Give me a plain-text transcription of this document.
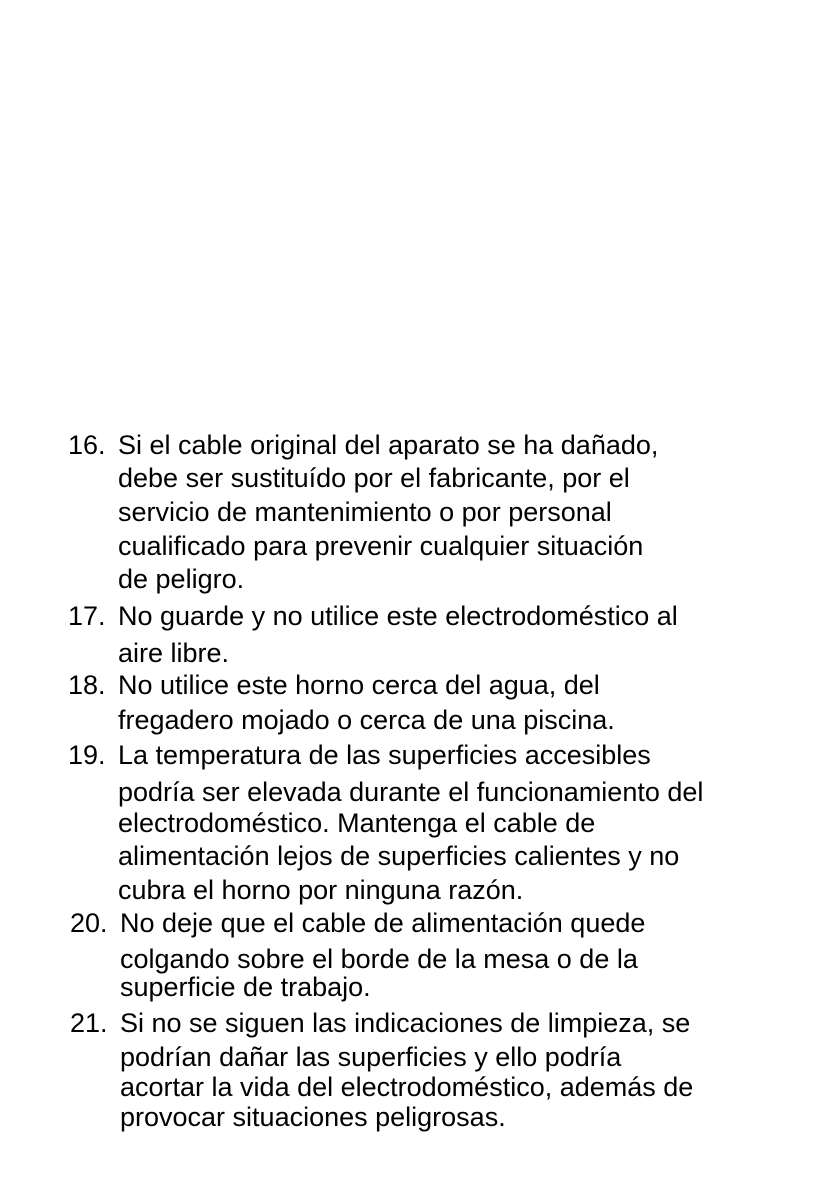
16. Si el cable original del aparato se ha dañado,
debe ser sustituído por el fabricante, por el
servicio de mantenimiento o por personal
cualificado para prevenir cualquier situación
de peligro.
17. No guarde y no utilice este electrodoméstico al
aire libre.
18. No utilice este horno cerca del agua, del
fregadero mojado o cerca de una piscina.
19. La temperatura de las superficies accesibles
podría ser elevada durante el funcionamiento del
electrodoméstico. Mantenga el cable de
alimentación lejos de superficies calientes y no
cubra el horno por ninguna razón.
20. No deje que el cable de alimentación quede
colgando sobre el borde de la mesa o de la
superficie de trabajo.
21. Si no se siguen las indicaciones de limpieza, se
podrían dañar las superficies y ello podría
acortar la vida del electrodoméstico, además de
provocar situaciones peligrosas.
